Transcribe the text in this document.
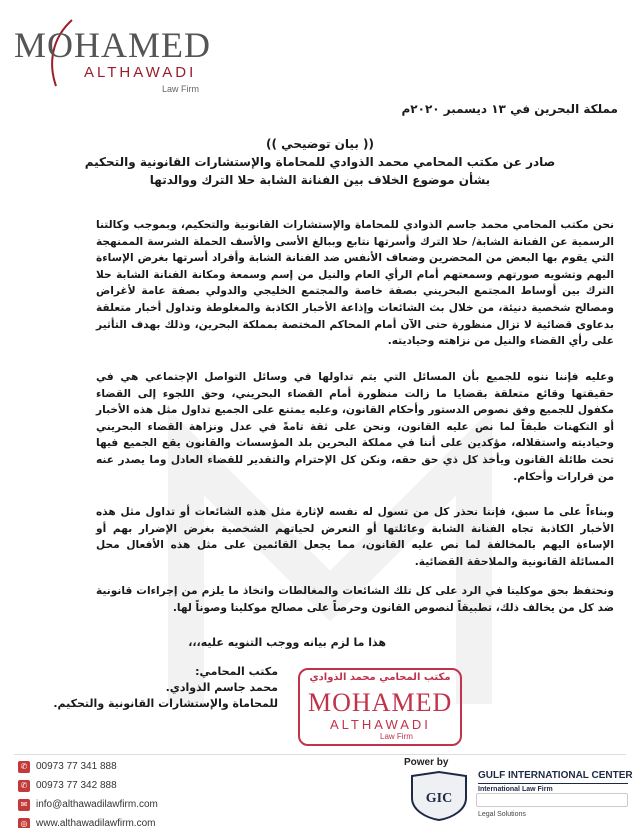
MOHAMED
ALTHAWADI
Law Firm
مملكة البحرين في ١٣ ديسمبر ٢٠٢٠م
(( بيان توضيحي ))
صادر عن مكتب المحامي محمد الذوادي للمحاماة والإستشارات القانونية والتحكيم
بشأن موضوع الخلاف بين الفنانة الشابة حلا الترك ووالدتها

نحن مكتب المحامي محمد جاسم الذوادي للمحاماة والإستشارات القانونية والتحكيم، وبموجب وكالتنا الرسمية عن الفنانة الشابة/ حلا الترك وأسرتها نتابع وببالغ الأسى والأسف الحملة الشرسة الممنهجة التي يقوم بها البعض من المحضرين وضعاف الأنفس ضد الفنانة الشابة وأفراد أسرتها بغرض الإساءة اليهم وتشويه صورتهم وسمعتهم أمام الرأي العام والنيل من إسم وسمعة ومكانة الفنانة الشابة حلا الترك بين أوساط المجتمع البحريني بصفة خاصة والمجتمع الخليجي والدولي بصفة عامة لأغراض ومصالح شخصية دنيئة، من خلال بث الشائعات وإذاعة الأخبار الكاذبة والمغلوطة وتداول أخبار متعلقة بدعاوى قضائية لا تزال منظورة حتى الآن أمام المحاكم المختصة بمملكة البحرين، وذلك بهدف التأثير على رأي القضاء والنيل من نزاهته وحياديته.

وعليه فإننا ننوه للجميع بأن المسائل التي يتم تداولها في وسائل التواصل الإجتماعي هي في حقيقتها وقائع متعلقة بقضايا ما زالت منظورة أمام القضاء البحريني، وحق اللجوء إلى القضاء مكفول للجميع وفق نصوص الدستور وأحكام القانون، وعليه يمتنع على الجميع تداول مثل هذه الأخبار أو التكهنات طبقاً لما نص عليه القانون، ونحن على ثقة تامةً في عدل ونزاهة القضاء البحريني وحياديته واستقلاله، مؤكدين على أننا في مملكة البحرين بلد المؤسسات والقانون يقع الجميع فيها تحت طائلة القانون ويأخذ كل ذي حق حقه، ونكن كل الإحترام والتقدير للقضاء العادل وما يصدر عنه من قرارات وأحكام.

وبناءاً على ما سبق، فإننا نحذر كل من تسول له نفسه لإثارة مثل هذه الشائعات أو تداول مثل هذه الأخبار الكاذبة تجاه الفنانة الشابة وعائلتها أو التعرض لحياتهم الشخصية بغرض الإضرار بهم أو الإساءة اليهم بالمخالفة لما نص عليه القانون، مما يجعل القائمين على مثل هذه الأفعال محل المسائلة القانونية والملاحقة القضائية.

ونحتفظ بحق موكلينا في الرد على كل تلك الشائعات والمغالطات واتخاذ ما يلزم من إجراءات قانونية ضد كل من يخالف ذلك، تطبيقاً لنصوص القانون وحرصاً على مصالح موكلينا وصوناً لها.

هذا ما لزم بيانه ووجب التنويه عليه،،،
مكتب المحامي:
محمد جاسم الذوادي.
للمحاماة والإستشارات القانونية والتحكيم.
مكتب المحامي محمد الذوادي
MOHAMED
ALTHAWADI
Law Firm
✆ 00973 77 341 888
✆ 00973 77 342 888
✉ info@althawadilawfirm.com
◎ www.althawadilawfirm.com
Power by
GIC
GULF INTERNATIONAL CENTER
International Law Firm
Legal Solutions
